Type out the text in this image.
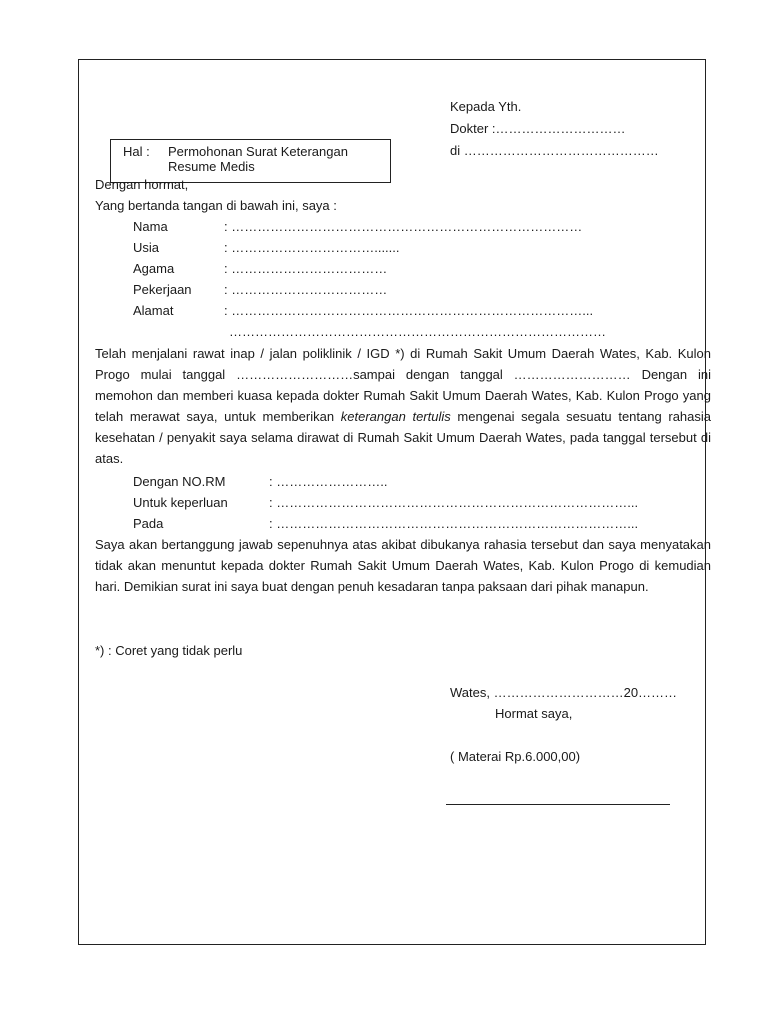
Kepada Yth.
Dokter :…………………………
di ………………………………………
Hal : Permohonan Surat Keterangan
Resume Medis
Dengan hormat,
Yang bertanda tangan di bawah ini, saya :
Nama	: ………………………………………………………………………
Usia	: …………………………….......
Agama	: ………………………………
Pekerjaan : ………………………………
Alamat	: ………………………………………………………………………...
……………………………………………………………………………
Telah menjalani rawat inap / jalan poliklinik / IGD *) di Rumah Sakit Umum Daerah Wates, Kab. Kulon Progo mulai tanggal ………………………sampai dengan tanggal ……………………… Dengan ini memohon dan memberi kuasa kepada dokter Rumah Sakit Umum Daerah Wates, Kab. Kulon Progo yang telah merawat saya, untuk memberikan keterangan tertulis mengenai segala sesuatu tentang rahasia kesehatan / penyakit saya selama dirawat di Rumah Sakit Umum Daerah Wates, pada tanggal tersebut di atas.
Dengan NO.RM	: ……………………..
Untuk keperluan	: ………………………………………………………………………...
Pada	: ………………………………………………………………………...
Saya akan bertanggung jawab sepenuhnya atas akibat dibukanya rahasia tersebut dan saya menyatakan tidak akan menuntut kepada dokter Rumah Sakit Umum Daerah Wates, Kab. Kulon Progo di kemudian hari. Demikian surat ini saya buat dengan penuh kesadaran tanpa paksaan dari pihak manapun.
*) : Coret yang tidak perlu
Wates, …………………………20………
Hormat saya,
( Materai Rp.6.000,00)
